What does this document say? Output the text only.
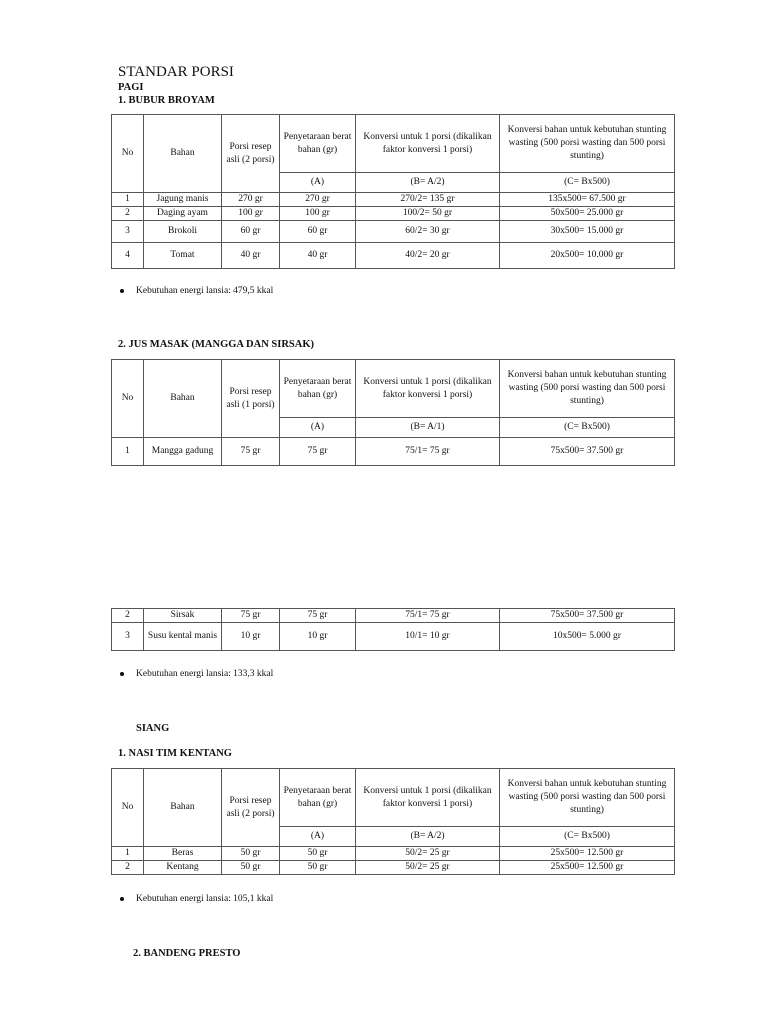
STANDAR PORSI
PAGI
1. BUBUR BROYAM
No	Bahan	Porsi resep asli (2 porsi)	Penyetaraan berat bahan (gr)	Konversi untuk 1 porsi (dikalikan faktor konversi 1 porsi)	Konversi bahan untuk kebutuhan stunting wasting (500 porsi wasting dan 500 porsi stunting)
			(A)	(B= A/2)	(C= Bx500)
1	Jagung manis	270 gr	270 gr	270/2= 135 gr	135x500= 67.500 gr
2	Daging ayam	100 gr	100 gr	100/2= 50 gr	50x500= 25.000 gr
3	Brokoli	60 gr	60 gr	60/2= 30 gr	30x500= 15.000 gr
4	Tomat	40 gr	40 gr	40/2= 20 gr	20x500= 10.000 gr
Kebutuhan energi lansia: 479,5 kkal
2. JUS MASAK (MANGGA DAN SIRSAK)
No	Bahan	Porsi resep asli (1 porsi)	Penyetaraan berat bahan (gr)	Konversi untuk 1 porsi (dikalikan faktor konversi 1 porsi)	Konversi bahan untuk kebutuhan stunting wasting (500 porsi wasting dan 500 porsi stunting)
			(A)	(B= A/1)	(C= Bx500)
1	Mangga gadung	75 gr	75 gr	75/1= 75 gr	75x500= 37.500 gr
2	Sirsak	75 gr	75 gr	75/1= 75 gr	75x500= 37.500 gr
3	Susu kental manis	10 gr	10 gr	10/1= 10 gr	10x500= 5.000 gr
Kebutuhan energi lansia: 133,3 kkal
SIANG
1. NASI TIM KENTANG
No	Bahan	Porsi resep asli (2 porsi)	Penyetaraan berat bahan (gr)	Konversi untuk 1 porsi (dikalikan faktor konversi 1 porsi)	Konversi bahan untuk kebutuhan stunting wasting (500 porsi wasting dan 500 porsi stunting)
			(A)	(B= A/2)	(C= Bx500)
1	Beras	50 gr	50 gr	50/2= 25 gr	25x500= 12.500 gr
2	Kentang	50 gr	50 gr	50/2= 25 gr	25x500= 12.500 gr
Kebutuhan energi lansia: 105,1 kkal
2. BANDENG PRESTO
